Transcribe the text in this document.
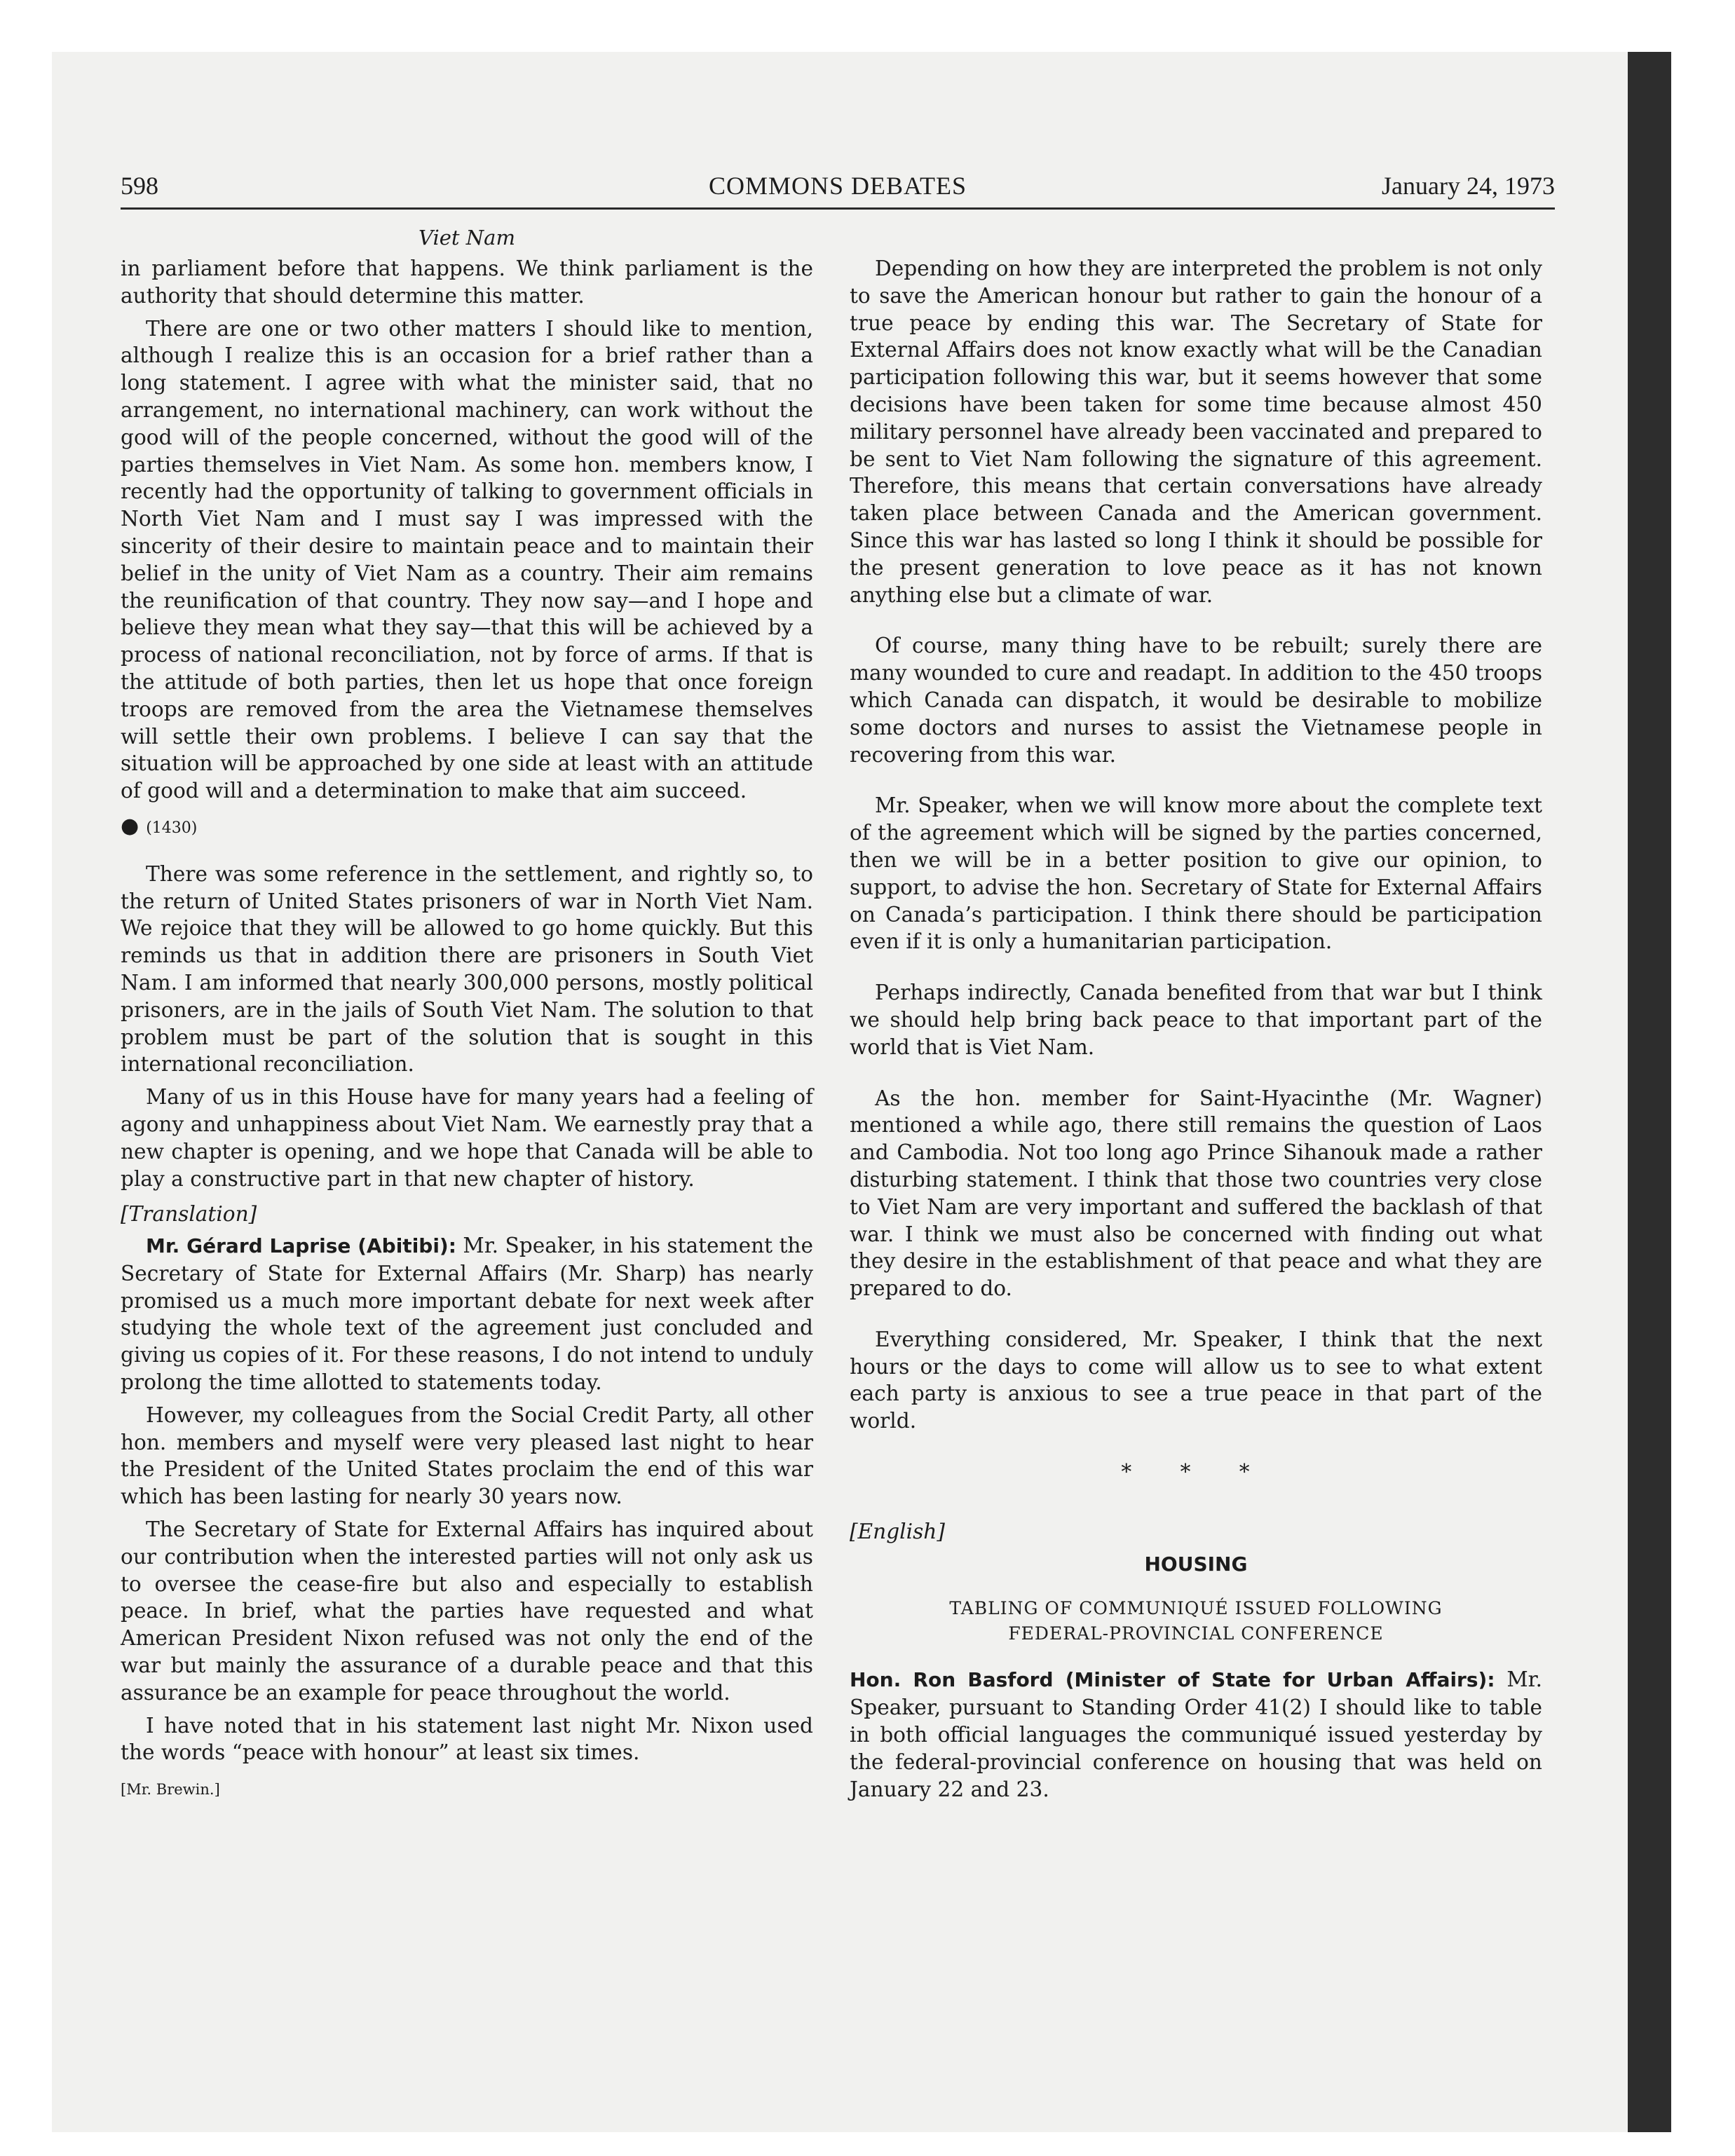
COMMONS DEBATES
598	January 24, 1973
Viet Nam

in parliament before that happens. We think parliament is the authority that should determine this matter.

There are one or two other matters I should like to mention, although I realize this is an occasion for a brief rather than a long statement. I agree with what the minister said, that no arrangement, no international machinery, can work without the good will of the people concerned, without the good will of the parties themselves in Viet Nam. As some hon. members know, I recently had the opportunity of talking to government officials in North Viet Nam and I must say I was impressed with the sincerity of their desire to maintain peace and to maintain their belief in the unity of Viet Nam as a country. Their aim remains the reunification of that country. They now say—and I hope and believe they mean what they say—that this will be achieved by a process of national reconciliation, not by force of arms. If that is the attitude of both parties, then let us hope that once foreign troops are removed from the area the Vietnamese themselves will settle their own problems. I believe I can say that the situation will be approached by one side at least with an attitude of good will and a determination to make that aim succeed.

● (1430)

There was some reference in the settlement, and rightly so, to the return of United States prisoners of war in North Viet Nam. We rejoice that they will be allowed to go home quickly. But this reminds us that in addition there are prisoners in South Viet Nam. I am informed that nearly 300,000 persons, mostly political prisoners, are in the jails of South Viet Nam. The solution to that problem must be part of the solution that is sought in this international reconciliation.

Many of us in this House have for many years had a feeling of agony and unhappiness about Viet Nam. We earnestly pray that a new chapter is opening, and we hope that Canada will be able to play a constructive part in that new chapter of history.

[Translation]

Mr. Gérard Laprise (Abitibi): Mr. Speaker, in his statement the Secretary of State for External Affairs (Mr. Sharp) has nearly promised us a much more important debate for next week after studying the whole text of the agreement just concluded and giving us copies of it. For these reasons, I do not intend to unduly prolong the time allotted to statements today.

However, my colleagues from the Social Credit Party, all other hon. members and myself were very pleased last night to hear the President of the United States proclaim the end of this war which has been lasting for nearly 30 years now.

The Secretary of State for External Affairs has inquired about our contribution when the interested parties will not only ask us to oversee the cease-fire but also and especially to establish peace. In brief, what the parties have requested and what American President Nixon refused was not only the end of the war but mainly the assurance of a durable peace and that this assurance be an example for peace throughout the world.

I have noted that in his statement last night Mr. Nixon used the words “peace with honour” at least six times.

[Mr. Brewin.]

Depending on how they are interpreted the problem is not only to save the American honour but rather to gain the honour of a true peace by ending this war. The Secretary of State for External Affairs does not know exactly what will be the Canadian participation following this war, but it seems however that some decisions have been taken for some time because almost 450 military personnel have already been vaccinated and prepared to be sent to Viet Nam following the signature of this agreement. Therefore, this means that certain conversations have already taken place between Canada and the American government. Since this war has lasted so long I think it should be possible for the present generation to love peace as it has not known anything else but a climate of war.

Of course, many thing have to be rebuilt; surely there are many wounded to cure and readapt. In addition to the 450 troops which Canada can dispatch, it would be desirable to mobilize some doctors and nurses to assist the Vietnamese people in recovering from this war.

Mr. Speaker, when we will know more about the complete text of the agreement which will be signed by the parties concerned, then we will be in a better position to give our opinion, to support, to advise the hon. Secretary of State for External Affairs on Canada’s participation. I think there should be participation even if it is only a humanitarian participation.

Perhaps indirectly, Canada benefited from that war but I think we should help bring back peace to that important part of the world that is Viet Nam.

As the hon. member for Saint-Hyacinthe (Mr. Wagner) mentioned a while ago, there still remains the question of Laos and Cambodia. Not too long ago Prince Sihanouk made a rather disturbing statement. I think that those two countries very close to Viet Nam are very important and suffered the backlash of that war. I think we must also be concerned with finding out what they desire in the establishment of that peace and what they are prepared to do.

Everything considered, Mr. Speaker, I think that the next hours or the days to come will allow us to see to what extent each party is anxious to see a true peace in that part of the world.

* * *
[English]
HOUSING
TABLING OF COMMUNIQUÉ ISSUED FOLLOWING
FEDERAL-PROVINCIAL CONFERENCE

Hon. Ron Basford (Minister of State for Urban Affairs): Mr. Speaker, pursuant to Standing Order 41(2) I should like to table in both official languages the communiqué issued yesterday by the federal-provincial conference on housing that was held on January 22 and 23.
